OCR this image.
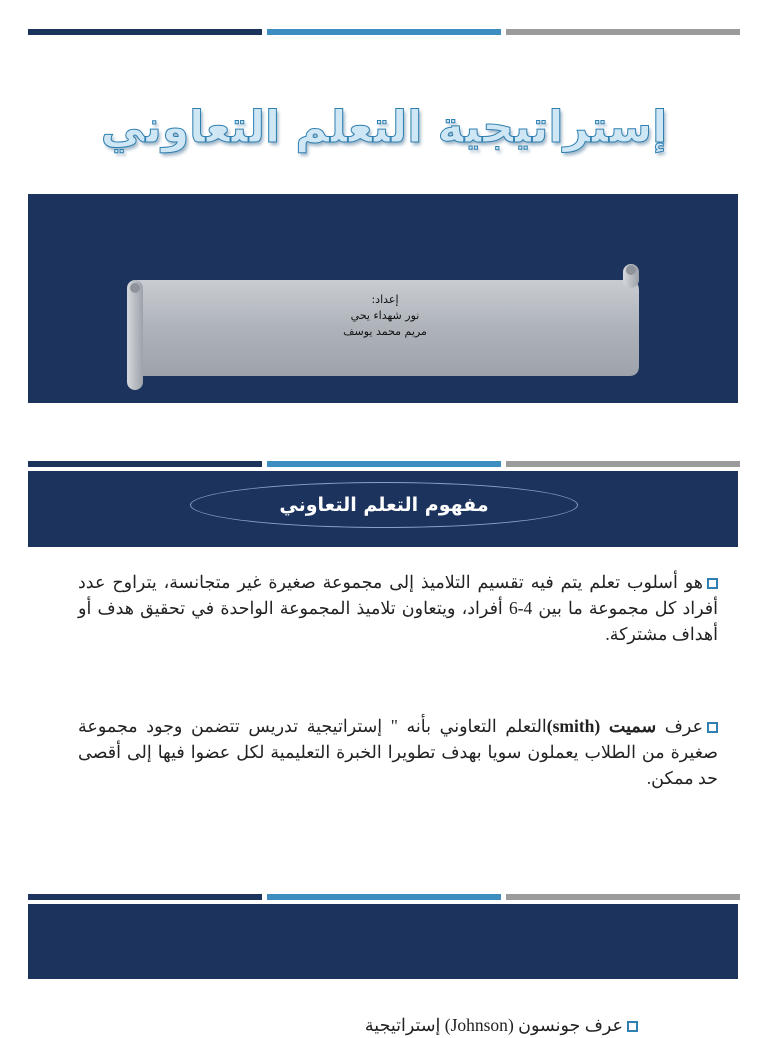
إستراتيجية التعلم التعاوني
إعداد:
نور شهداء يحي
مريم محمد يوسف
مفهوم التعلم التعاوني
هو أسلوب تعلم يتم فيه تقسيم التلاميذ إلى مجموعة صغيرة غير متجانسة، يتراوح عدد أفراد كل مجموعة ما بين 4-6 أفراد، ويتعاون تلاميذ المجموعة الواحدة في تحقيق هدف أو أهداف مشتركة.
عرف سميت (smith)التعلم التعاوني بأنه " إستراتيجية تدريس تتضمن وجود مجموعة صغيرة من الطلاب يعملون سويا بهدف تطويرا الخبرة التعليمية لكل عضوا فيها إلى أقصى حد ممكن.
عرف جونسون (Johnson) إستراتيجية
